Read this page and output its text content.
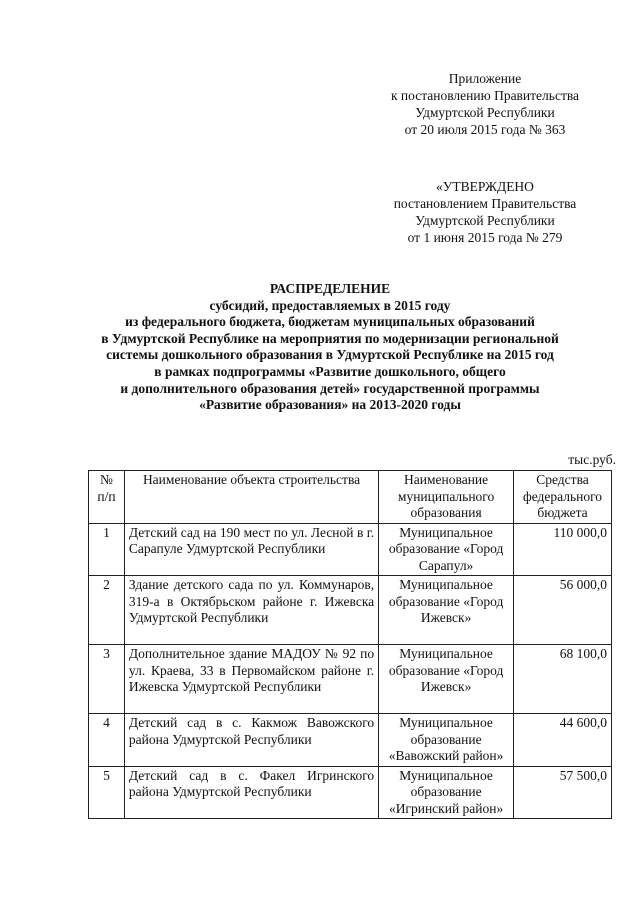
Приложение
к постановлению Правительства
Удмуртской Республики
от 20 июля 2015 года № 363
«УТВЕРЖДЕНО
постановлением Правительства
Удмуртской Республики
от 1 июня 2015 года № 279
РАСПРЕДЕЛЕНИЕ
субсидий, предоставляемых в 2015 году
из федерального бюджета, бюджетам муниципальных образований
в Удмуртской Республике на мероприятия по модернизации региональной
системы дошкольного образования в Удмуртской Республике на 2015 год
в рамках подпрограммы «Развитие дошкольного, общего
и дополнительного образования детей» государственной программы
«Развитие образования» на 2013-2020 годы
тыс.руб.
№ п/п	Наименование объекта строительства	Наименование муниципального образования	Средства федерального бюджета
1	Детский сад на 190 мест по ул. Лесной в г. Сарапуле Удмуртской Республики	Муниципальное образование «Город Сарапул»	110 000,0
2	Здание детского сада по ул. Коммунаров, 319-а в Октябрьском районе г. Ижевска Удмуртской Республики	Муниципальное образование «Город Ижевск»	56 000,0
3	Дополнительное здание МАДОУ № 92 по ул. Краева, 33 в Первомайском районе г. Ижевска Удмуртской Республики	Муниципальное образование «Город Ижевск»	68 100,0
4	Детский сад в с. Какмож Вавожского района Удмуртской Республики	Муниципальное образование «Вавожский район»	44 600,0
5	Детский сад в с. Факел Игринского района Удмуртской Республики	Муниципальное образование «Игринский район»	57 500,0
